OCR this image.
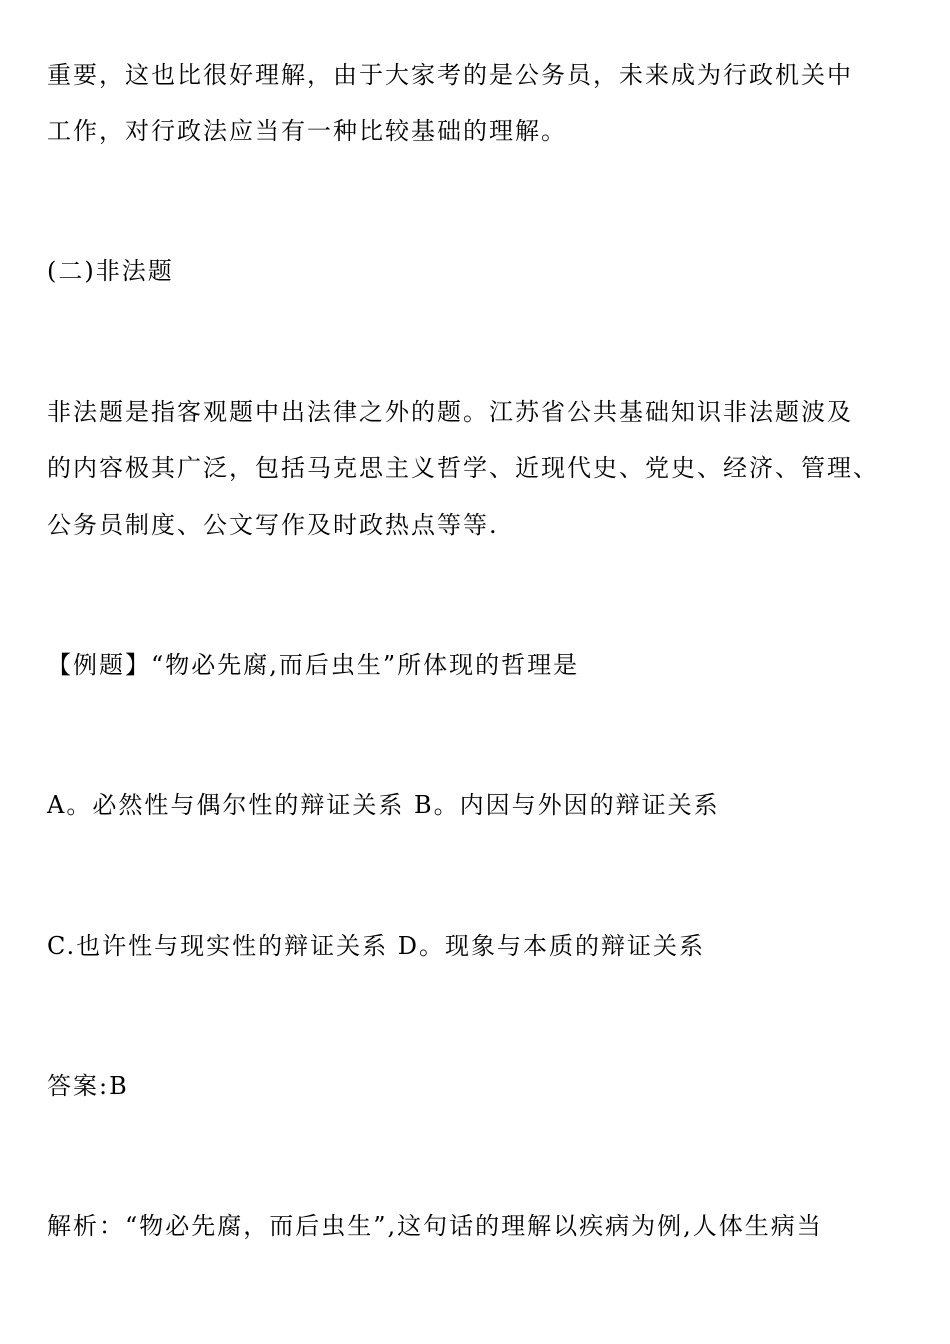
重要，这也比很好理解，由于大家考的是公务员，未来成为行政机关中
工作，对行政法应当有一种比较基础的理解。
(二)非法题
非法题是指客观题中出法律之外的题。江苏省公共基础知识非法题波及
的内容极其广泛，包括马克思主义哲学、近现代史、党史、经济、管理、
公务员制度、公文写作及时政热点等等.
【例题】“物必先腐,而后虫生”所体现的哲理是
A。必然性与偶尔性的辩证关系 B。内因与外因的辩证关系
C.也许性与现实性的辩证关系 D。现象与本质的辩证关系
答案:B
解析：“物必先腐，而后虫生”,这句话的理解以疾病为例,人体生病当
